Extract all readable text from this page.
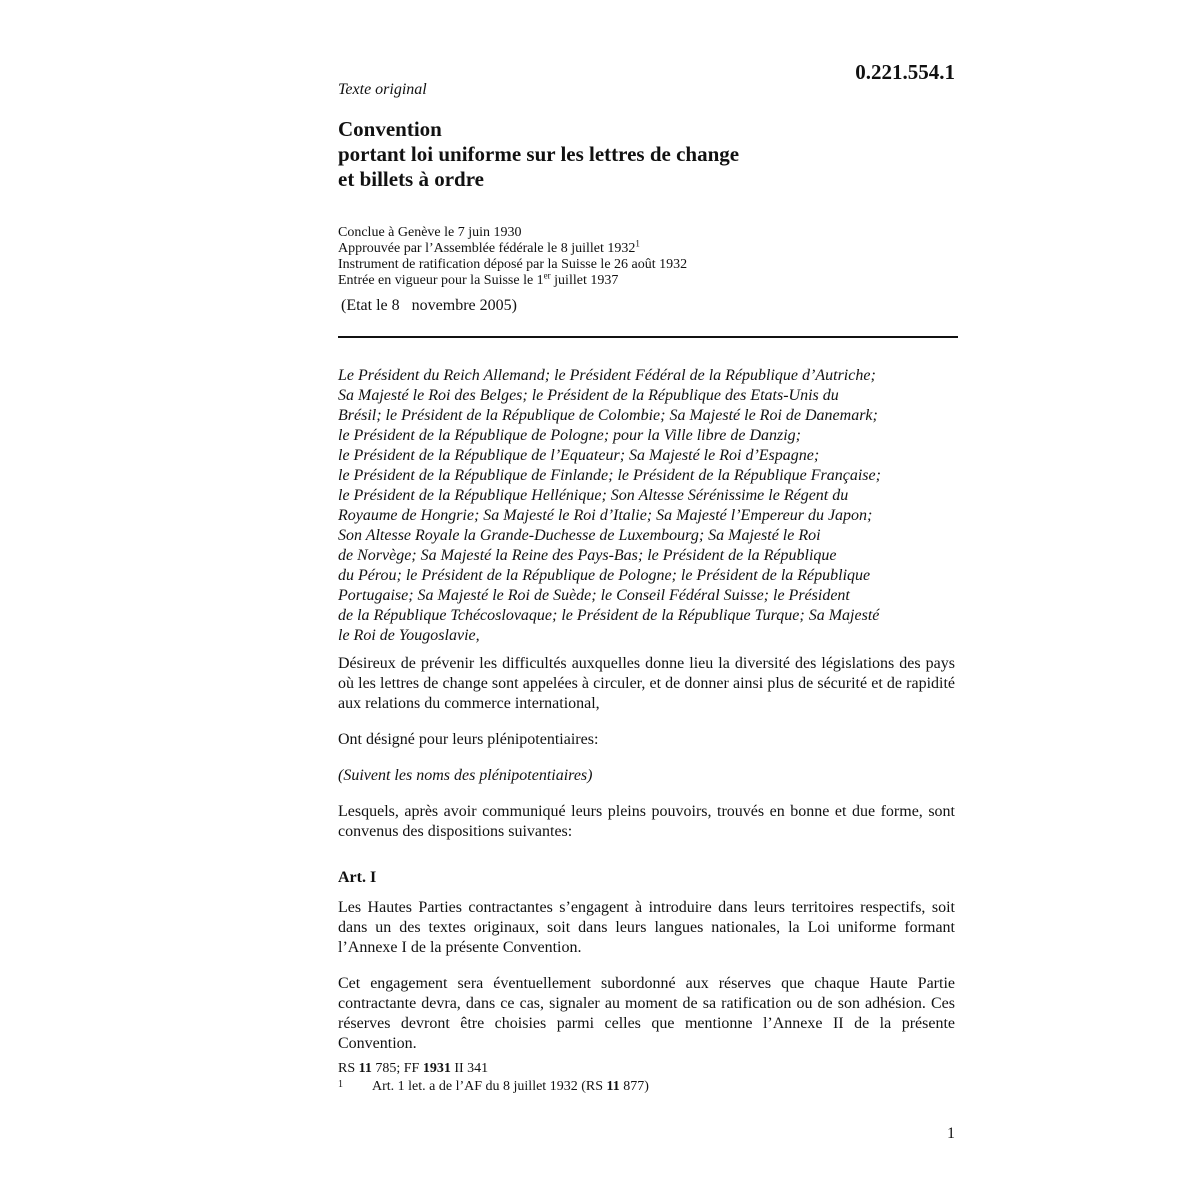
0.221.554.1
Texte original
Convention
portant loi uniforme sur les lettres de change
et billets à ordre
Conclue à Genève le 7 juin 1930
Approuvée par l’Assemblée fédérale le 8 juillet 1932$^1$
Instrument de ratification déposé par la Suisse le 26 août 1932
Entrée en vigueur pour la Suisse le 1er juillet 1937
(Etat le 8   novembre 2005)
Le Président du Reich Allemand; le Président Fédéral de la République d’Autriche;
Sa Majesté le Roi des Belges; le Président de la République des Etats-Unis du
Brésil; le Président de la République de Colombie; Sa Majesté le Roi de Danemark;
le Président de la République de Pologne; pour la Ville libre de Danzig;
le Président de la République de l’Equateur; Sa Majesté le Roi d’Espagne;
le Président de la République de Finlande; le Président de la République Française;
le Président de la République Hellénique; Son Altesse Sérénissime le Régent du
Royaume de Hongrie; Sa Majesté le Roi d’Italie; Sa Majesté l’Empereur du Japon;
Son Altesse Royale la Grande-Duchesse de Luxembourg; Sa Majesté le Roi
de Norvège; Sa Majesté la Reine des Pays-Bas; le Président de la République
du Pérou; le Président de la République de Pologne; le Président de la République
Portugaise; Sa Majesté le Roi de Suède; le Conseil Fédéral Suisse; le Président
de la République Tchécoslovaque; le Président de la République Turque; Sa Majesté
le Roi de Yougoslavie,

Désireux de prévenir les difficultés auxquelles donne lieu la diversité des législations des pays où les lettres de change sont appelées à circuler, et de donner ainsi plus de sécurité et de rapidité aux relations du commerce international,

Ont désigné pour leurs plénipotentiaires:

(Suivent les noms des plénipotentiaires)

Lesquels, après avoir communiqué leurs pleins pouvoirs, trouvés en bonne et due forme, sont convenus des dispositions suivantes:

Art. I

Les Hautes Parties contractantes s’engagent à introduire dans leurs territoires respectifs, soit dans un des textes originaux, soit dans leurs langues nationales, la Loi uniforme formant l’Annexe I de la présente Convention.

Cet engagement sera éventuellement subordonné aux réserves que chaque Haute Partie contractante devra, dans ce cas, signaler au moment de sa ratification ou de son adhésion. Ces réserves devront être choisies parmi celles que mentionne l’Annexe II de la présente Convention.

RS 11 785; FF 1931 II 341
1 Art. 1 let. a de l’AF du 8 juillet 1932 (RS 11 877)
1
